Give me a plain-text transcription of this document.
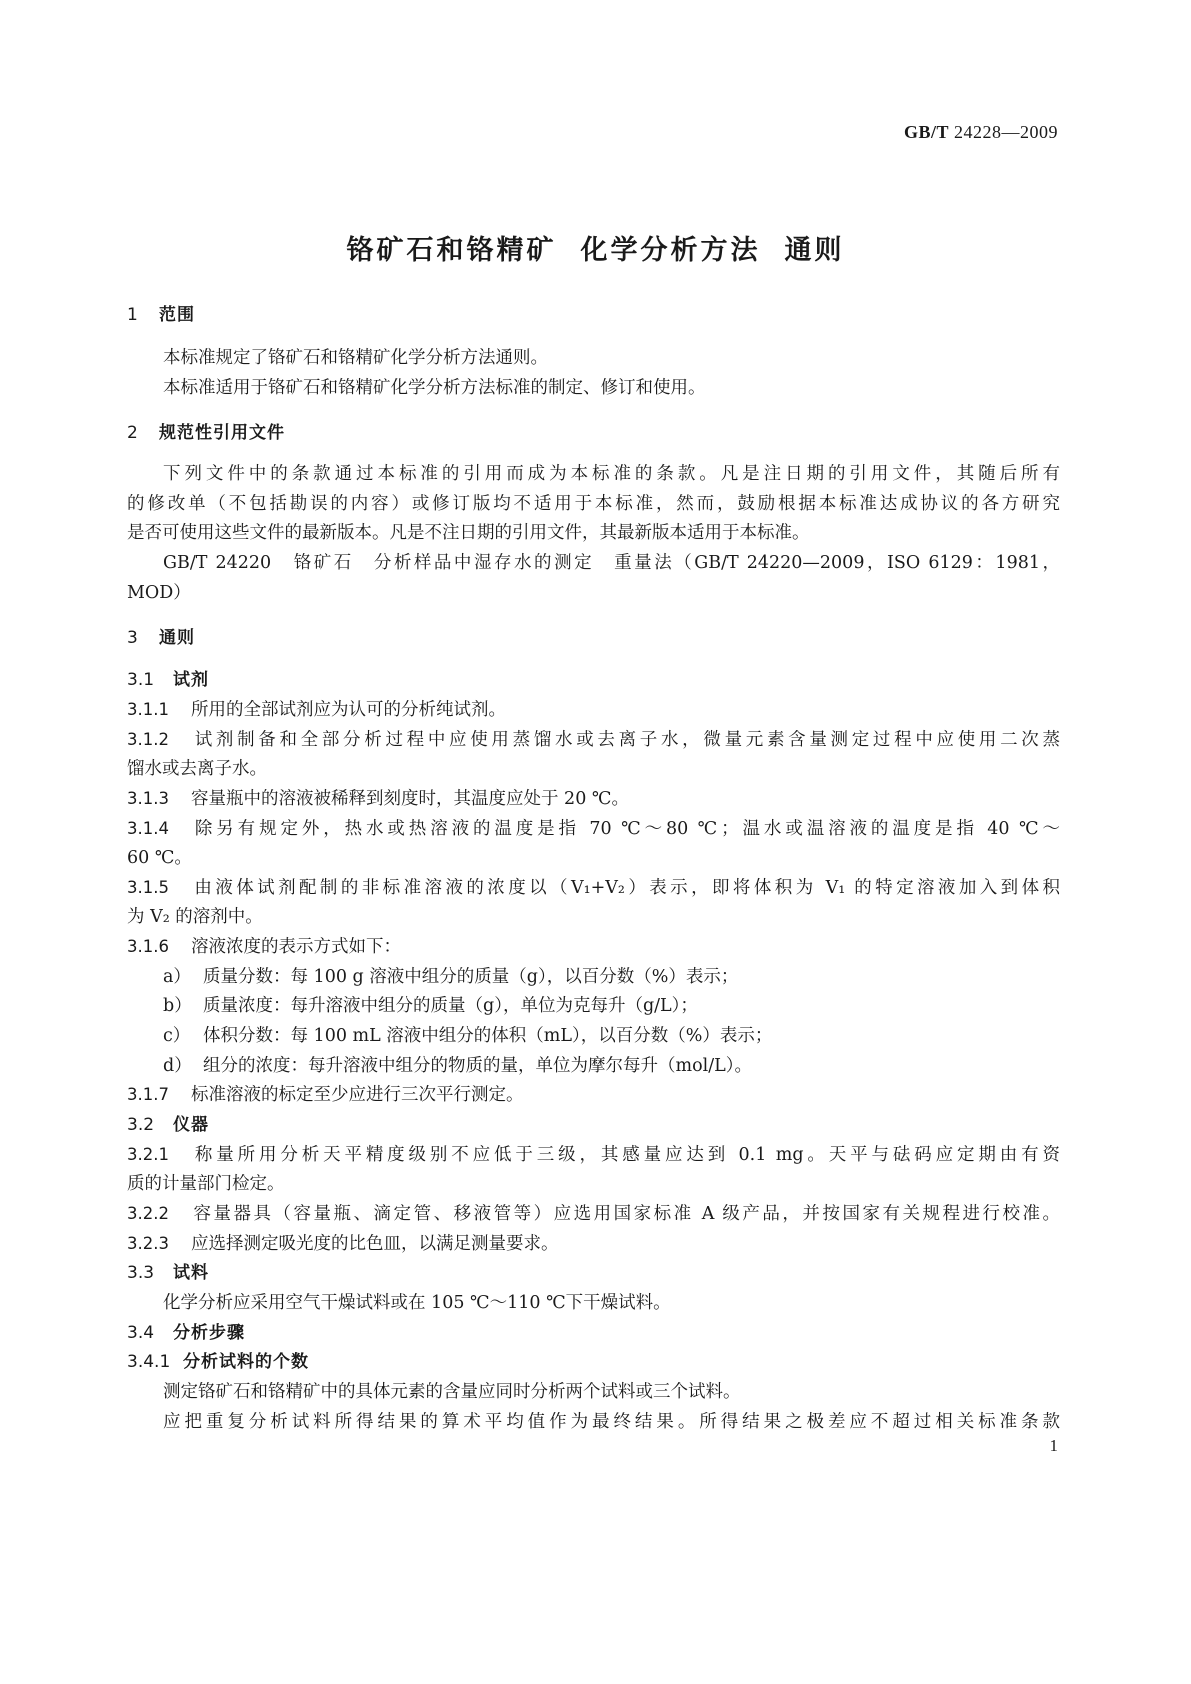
GB/T 24228—2009
铬矿石和铬精矿 化学分析方法 通则
1 范围
本标准规定了铬矿石和铬精矿化学分析方法通则。
本标准适用于铬矿石和铬精矿化学分析方法标准的制定、修订和使用。
2 规范性引用文件
下列文件中的条款通过本标准的引用而成为本标准的条款。凡是注日期的引用文件，其随后所有
的修改单（不包括勘误的内容）或修订版均不适用于本标准，然而，鼓励根据本标准达成协议的各方研究
是否可使用这些文件的最新版本。凡是不注日期的引用文件，其最新版本适用于本标准。
GB/T 24220　铬矿石　分析样品中湿存水的测定　重量法（GB/T 24220—2009，ISO 6129：1981，
MOD）
3 通则
3.1 试剂
3.1.1 所用的全部试剂应为认可的分析纯试剂。
3.1.2 试剂制备和全部分析过程中应使用蒸馏水或去离子水，微量元素含量测定过程中应使用二次蒸
馏水或去离子水。
3.1.3 容量瓶中的溶液被稀释到刻度时，其温度应处于 20 ℃。
3.1.4 除另有规定外，热水或热溶液的温度是指 70 ℃～80 ℃；温水或温溶液的温度是指 40 ℃～
60 ℃。
3.1.5 由液体试剂配制的非标准溶液的浓度以（V₁+V₂）表示，即将体积为 V₁ 的特定溶液加入到体积
为 V₂ 的溶剂中。
3.1.6 溶液浓度的表示方式如下：
a） 质量分数：每 100 g 溶液中组分的质量（g），以百分数（%）表示；
b） 质量浓度：每升溶液中组分的质量（g），单位为克每升（g/L）；
c） 体积分数：每 100 mL 溶液中组分的体积（mL），以百分数（%）表示；
d） 组分的浓度：每升溶液中组分的物质的量，单位为摩尔每升（mol/L）。
3.1.7 标准溶液的标定至少应进行三次平行测定。
3.2 仪器
3.2.1 称量所用分析天平精度级别不应低于三级，其感量应达到 0.1 mg。天平与砝码应定期由有资
质的计量部门检定。
3.2.2 容量器具（容量瓶、滴定管、移液管等）应选用国家标准 A 级产品，并按国家有关规程进行校准。
3.2.3 应选择测定吸光度的比色皿，以满足测量要求。
3.3 试料
化学分析应采用空气干燥试料或在 105 ℃～110 ℃下干燥试料。
3.4 分析步骤
3.4.1 分析试料的个数
测定铬矿石和铬精矿中的具体元素的含量应同时分析两个试料或三个试料。
应把重复分析试料所得结果的算术平均值作为最终结果。所得结果之极差应不超过相关标准条款
1
